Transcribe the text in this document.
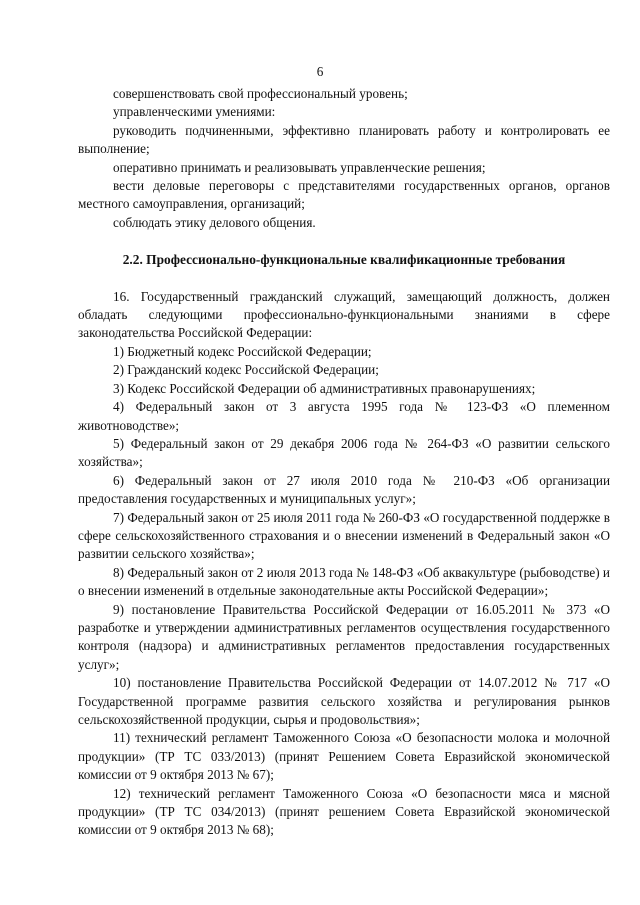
6

совершенствовать свой профессиональный уровень;

управленческими умениями:

руководить подчиненными, эффективно планировать работу и контролировать ее выполнение;

оперативно принимать и реализовывать управленческие решения;

вести деловые переговоры с представителями государственных органов, органов местного самоуправления, организаций;

соблюдать этику делового общения.

2.2. Профессионально-функциональные квалификационные требования

16. Государственный гражданский служащий, замещающий должность, должен обладать следующими профессионально-функциональными знаниями в сфере законодательства Российской Федерации:

1) Бюджетный кодекс Российской Федерации;

2) Гражданский кодекс Российской Федерации;

3) Кодекс Российской Федерации об административных правонарушениях;

4) Федеральный закон от 3 августа 1995 года № 123-ФЗ «О племенном животноводстве»;

5) Федеральный закон от 29 декабря 2006 года № 264-ФЗ «О развитии сельского хозяйства»;

6) Федеральный закон от 27 июля 2010 года № 210-ФЗ «Об организации предоставления государственных и муниципальных услуг»;

7) Федеральный закон от 25 июля 2011 года № 260-ФЗ «О государственной поддержке в сфере сельскохозяйственного страхования и о внесении изменений в Федеральный закон «О развитии сельского хозяйства»;

8) Федеральный закон от 2 июля 2013 года № 148-ФЗ «Об аквакультуре (рыбоводстве) и о внесении изменений в отдельные законодательные акты Российской Федерации»;

9) постановление Правительства Российской Федерации от 16.05.2011 № 373 «О разработке и утверждении административных регламентов осуществления государственного контроля (надзора) и административных регламентов предоставления государственных услуг»;

10) постановление Правительства Российской Федерации от 14.07.2012 № 717 «О Государственной программе развития сельского хозяйства и регулирования рынков сельскохозяйственной продукции, сырья и продовольствия»;

11) технический регламент Таможенного Союза «О безопасности молока и молочной продукции» (ТР ТС 033/2013) (принят Решением Совета Евразийской экономической комиссии от 9 октября 2013 № 67);

12) технический регламент Таможенного Союза «О безопасности мяса и мясной продукции» (ТР ТС 034/2013) (принят решением Совета Евразийской экономической комиссии от 9 октября 2013 № 68);
